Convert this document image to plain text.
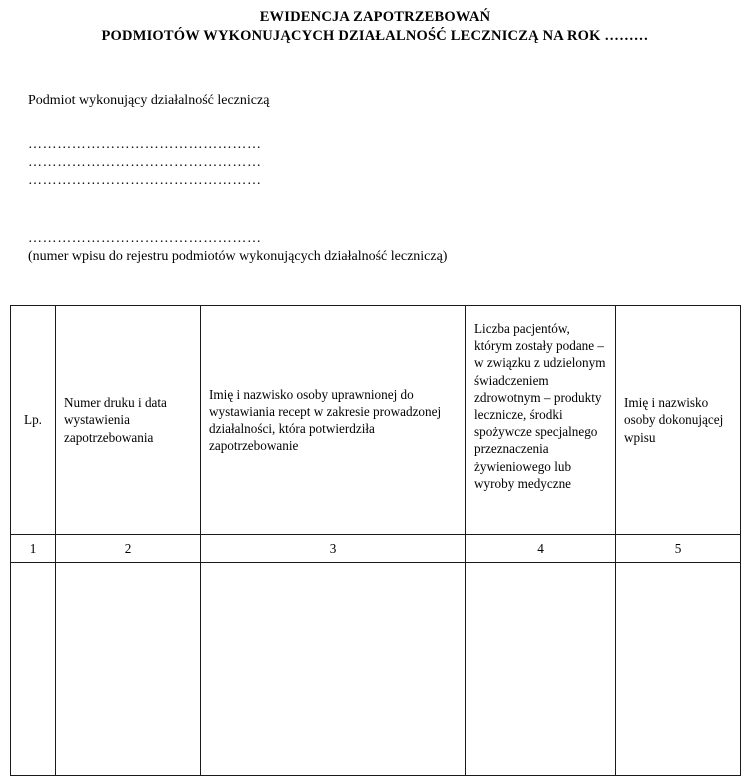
EWIDENCJA ZAPOTRZEBOWAŃ
PODMIOTÓW WYKONUJĄCYCH DZIAŁALNOŚĆ LECZNICZĄ NA ROK ………

Podmiot wykonujący działalność leczniczą

…………………………………………
…………………………………………
…………………………………………
…………………………………………

(numer wpisu do rejestru podmiotów wykonujących działalność leczniczą)

Lp.	Numer druku i data wystawienia zapotrzebowania	Imię i nazwisko osoby uprawnionej do wystawiania recept w zakresie prowadzonej działalności, która potwierdziła zapotrzebowanie	Liczba pacjentów, którym zostały podane – w związku z udzielonym świadczeniem zdrowotnym – produkty lecznicze, środki spożywcze specjalnego przeznaczenia żywieniowego lub wyroby medyczne	Imię i nazwisko osoby dokonującej wpisu

1	2	3	4	5
